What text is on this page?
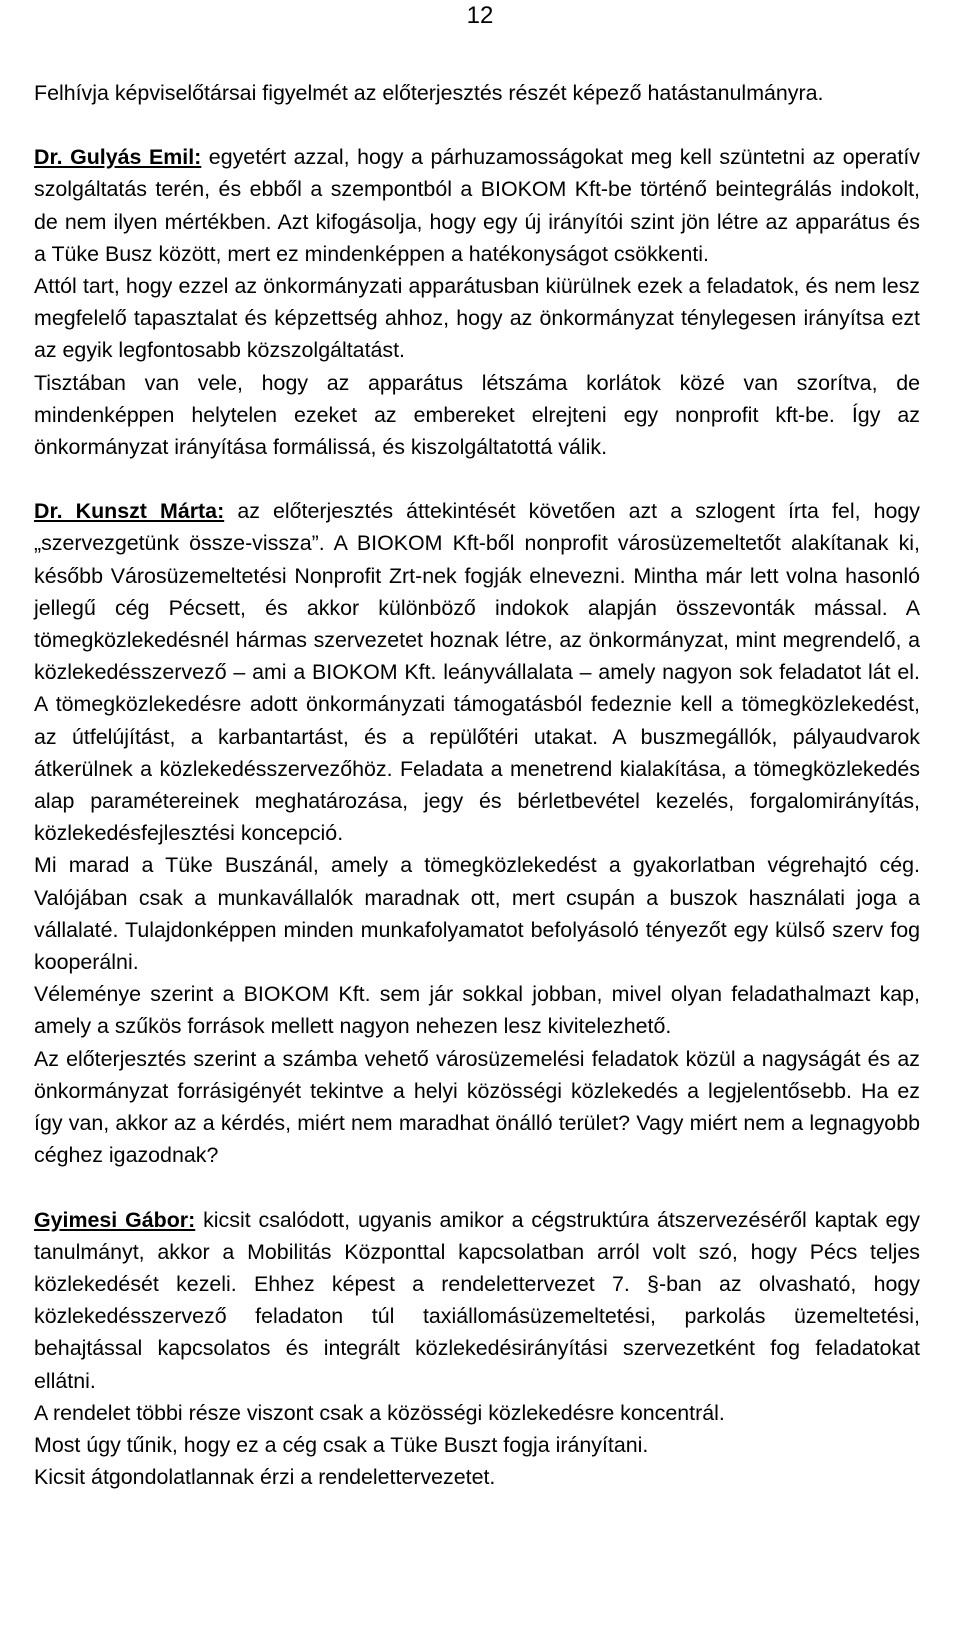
12

Felhívja képviselőtársai figyelmét az előterjesztés részét képező hatástanulmányra.

Dr. Gulyás Emil: egyetért azzal, hogy a párhuzamosságokat meg kell szüntetni az operatív szolgáltatás terén, és ebből a szempontból a BIOKOM Kft-be történő beintegrálás indokolt, de nem ilyen mértékben. Azt kifogásolja, hogy egy új irányítói szint jön létre az apparátus és a Tüke Busz között, mert ez mindenképpen a hatékonyságot csökkenti.

Attól tart, hogy ezzel az önkormányzati apparátusban kiürülnek ezek a feladatok, és nem lesz megfelelő tapasztalat és képzettség ahhoz, hogy az önkormányzat ténylegesen irányítsa ezt az egyik legfontosabb közszolgáltatást.

Tisztában van vele, hogy az apparátus létszáma korlátok közé van szorítva, de mindenképpen helytelen ezeket az embereket elrejteni egy nonprofit kft-be. Így az önkormányzat irányítása formálissá, és kiszolgáltatottá válik.

Dr. Kunszt Márta: az előterjesztés áttekintését követően azt a szlogent írta fel, hogy „szervezgetünk össze-vissza”. A BIOKOM Kft-ből nonprofit városüzemeltetőt alakítanak ki, később Városüzemeltetési Nonprofit Zrt-nek fogják elnevezni. Mintha már lett volna hasonló jellegű cég Pécsett, és akkor különböző indokok alapján összevonták mással. A tömegközlekedésnél hármas szervezetet hoznak létre, az önkormányzat, mint megrendelő, a közlekedésszervező – ami a BIOKOM Kft. leányvállalata – amely nagyon sok feladatot lát el. A tömegközlekedésre adott önkormányzati támogatásból fedeznie kell a tömegközlekedést, az útfelújítást, a karbantartást, és a repülőtéri utakat. A buszmegállók, pályaudvarok átkerülnek a közlekedésszervezőhöz. Feladata a menetrend kialakítása, a tömegközlekedés alap paramétereinek meghatározása, jegy és bérletbevétel kezelés, forgalomirányítás, közlekedésfejlesztési koncepció.

Mi marad a Tüke Buszánál, amely a tömegközlekedést a gyakorlatban végrehajtó cég. Valójában csak a munkavállalók maradnak ott, mert csupán a buszok használati joga a vállalaté. Tulajdonképpen minden munkafolyamatot befolyásoló tényezőt egy külső szerv fog kooperálni.

Véleménye szerint a BIOKOM Kft. sem jár sokkal jobban, mivel olyan feladathalmazt kap, amely a szűkös források mellett nagyon nehezen lesz kivitelezhető.

Az előterjesztés szerint a számba vehető városüzemelési feladatok közül a nagyságát és az önkormányzat forrásigényét tekintve a helyi közösségi közlekedés a legjelentősebb. Ha ez így van, akkor az a kérdés, miért nem maradhat önálló terület? Vagy miért nem a legnagyobb céghez igazodnak?

Gyimesi Gábor: kicsit csalódott, ugyanis amikor a cégstruktúra átszervezéséről kaptak egy tanulmányt, akkor a Mobilitás Központtal kapcsolatban arról volt szó, hogy Pécs teljes közlekedését kezeli. Ehhez képest a rendelettervezet 7. §-ban az olvasható, hogy közlekedésszervező feladaton túl taxiállomásüzemeltetési, parkolás üzemeltetési, behajtással kapcsolatos és integrált közlekedésirányítási szervezetként fog feladatokat ellátni.

A rendelet többi része viszont csak a közösségi közlekedésre koncentrál.

Most úgy tűnik, hogy ez a cég csak a Tüke Buszt fogja irányítani.

Kicsit átgondolatlannak érzi a rendelettervezetet.
